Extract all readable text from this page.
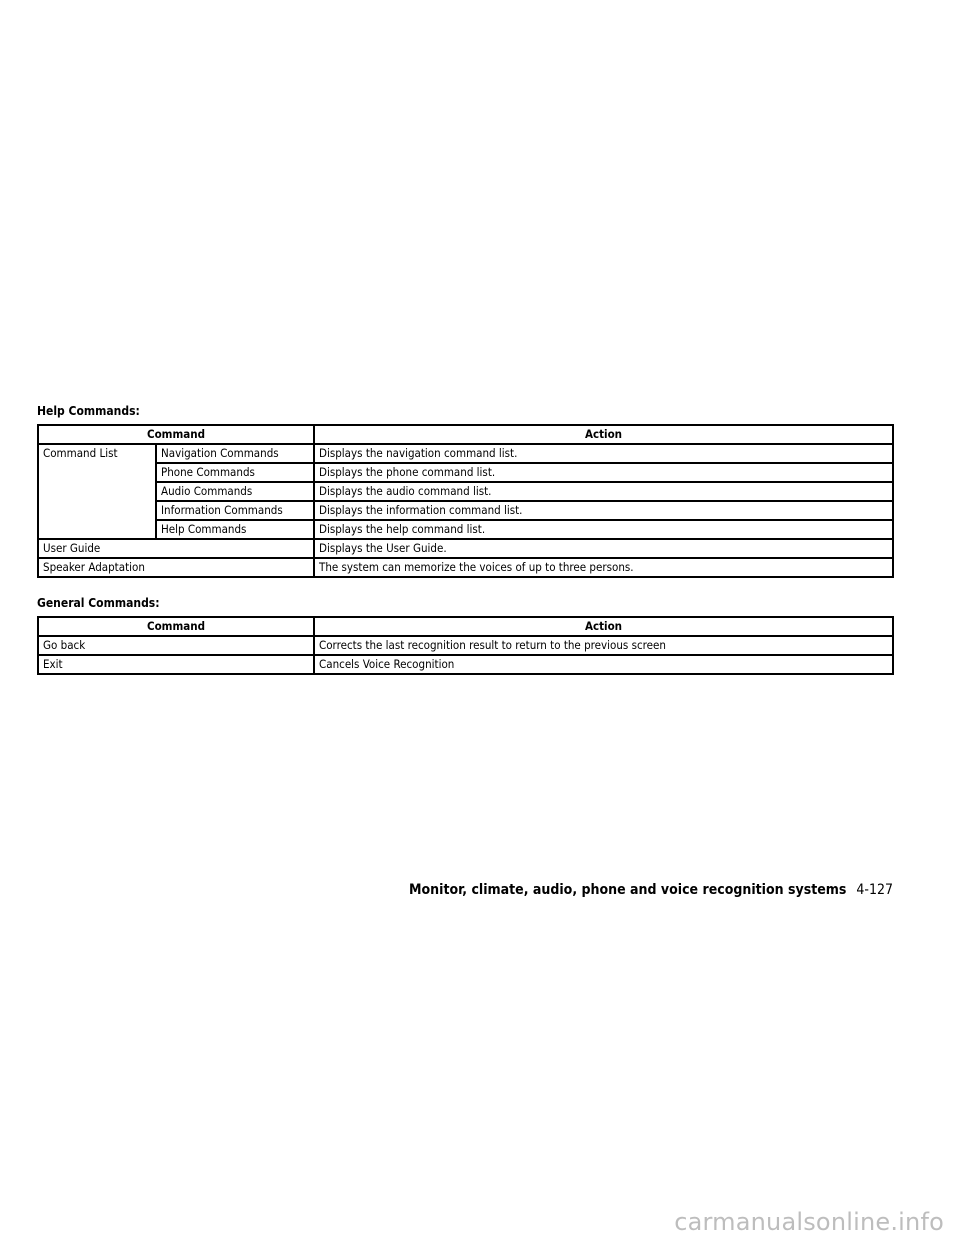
Help Commands:
Command		Action
Command List	Navigation Commands	Displays the navigation command list.
	Phone Commands	Displays the phone command list.
	Audio Commands	Displays the audio command list.
	Information Commands	Displays the information command list.
	Help Commands	Displays the help command list.
User Guide		Displays the User Guide.
Speaker Adaptation		The system can memorize the voices of up to three persons.
General Commands:
Command	Action
Go back	Corrects the last recognition result to return to the previous screen
Exit	Cancels Voice Recognition
Monitor, climate, audio, phone and voice recognition systems 4-127
carmanualsonline.info
